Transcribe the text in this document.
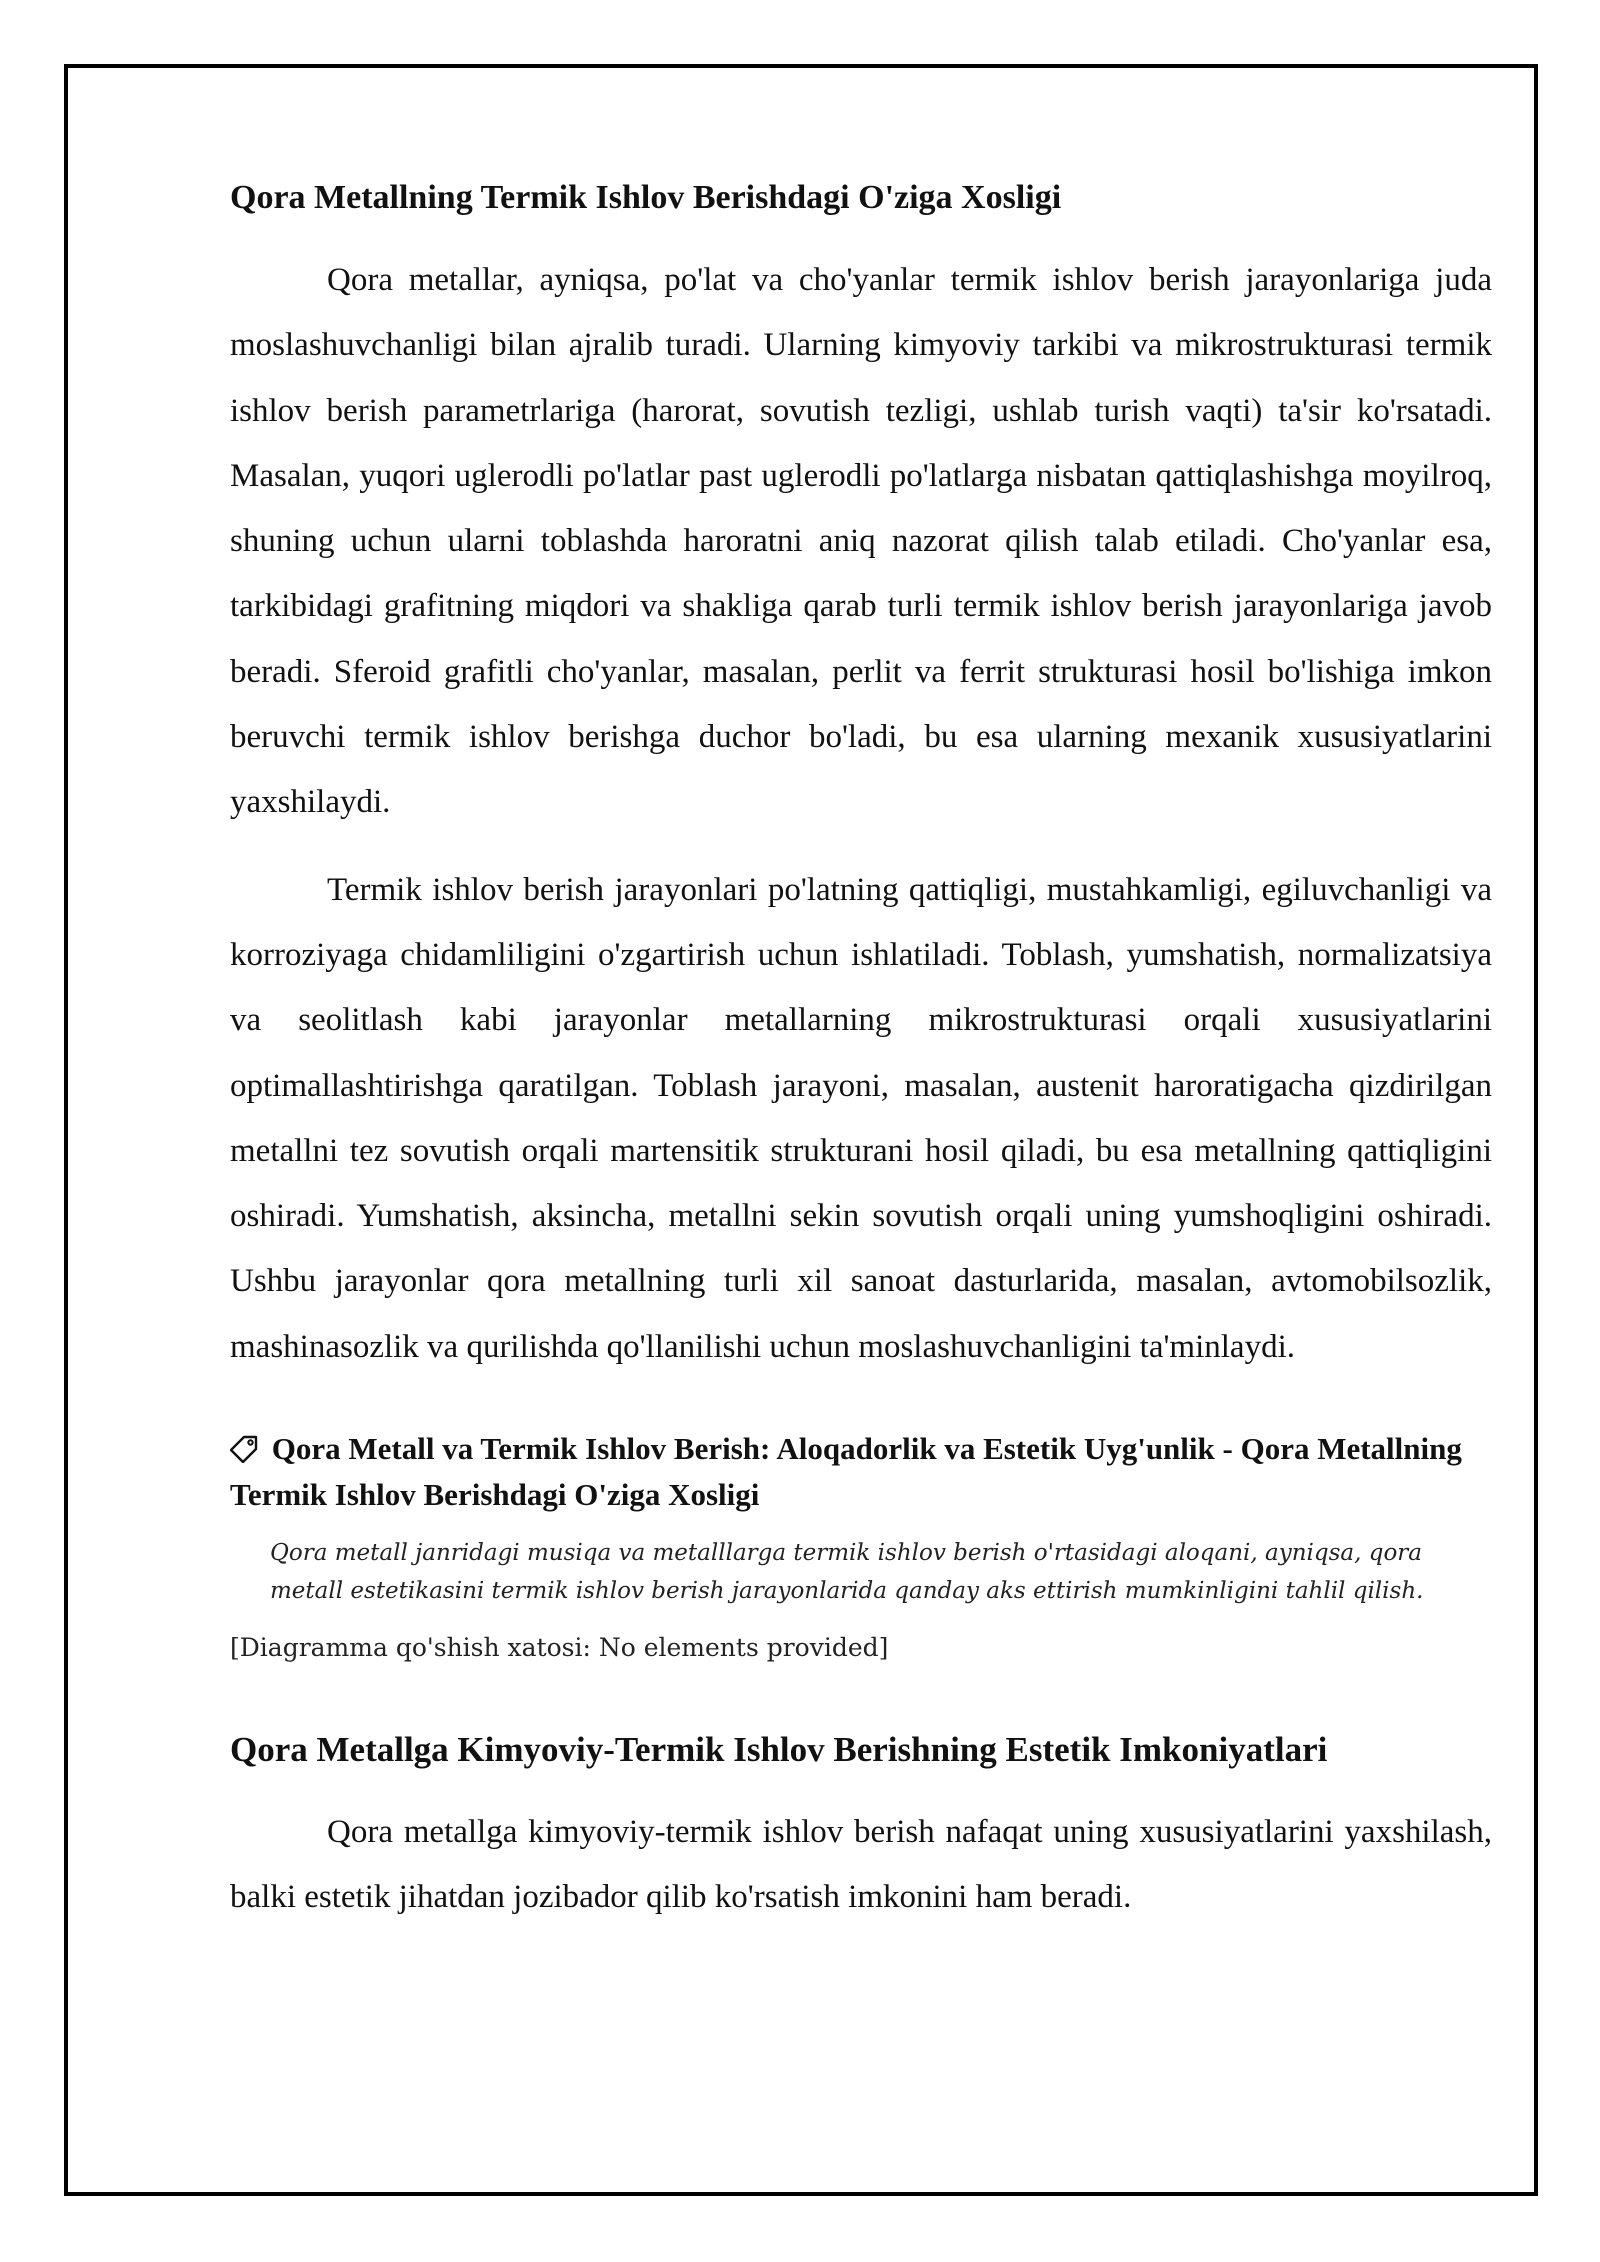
Qora Metallning Termik Ishlov Berishdagi O'ziga Xosligi

Qora metallar, ayniqsa, po'lat va cho'yanlar termik ishlov berish jarayonlariga juda moslashuvchanligi bilan ajralib turadi. Ularning kimyoviy tarkibi va mikrostrukturasi termik ishlov berish parametrlariga (harorat, sovutish tezligi, ushlab turish vaqti) ta'sir ko'rsatadi. Masalan, yuqori uglerodli po'latlar past uglerodli po'latlarga nisbatan qattiqlashishga moyilroq, shuning uchun ularni toblashda haroratni aniq nazorat qilish talab etiladi. Cho'yanlar esa, tarkibidagi grafitning miqdori va shakliga qarab turli termik ishlov berish jarayonlariga javob beradi. Sferoid grafitli cho'yanlar, masalan, perlit va ferrit strukturasi hosil bo'lishiga imkon beruvchi termik ishlov berishga duchor bo'ladi, bu esa ularning mexanik xususiyatlarini yaxshilaydi.

Termik ishlov berish jarayonlari po'latning qattiqligi, mustahkamligi, egiluvchanligi va korroziyaga chidamliligini o'zgartirish uchun ishlatiladi. Toblash, yumshatish, normalizatsiya va seolitlash kabi jarayonlar metallarning mikrostrukturasi orqali xususiyatlarini optimallashtirishga qaratilgan. Toblash jarayoni, masalan, austenit haroratigacha qizdirilgan metallni tez sovutish orqali martensitik strukturani hosil qiladi, bu esa metallning qattiqligini oshiradi. Yumshatish, aksincha, metallni sekin sovutish orqali uning yumshoqligini oshiradi. Ushbu jarayonlar qora metallning turli xil sanoat dasturlarida, masalan, avtomobilsozlik, mashinasozlik va qurilishda qo'llanilishi uchun moslashuvchanligini ta'minlaydi.

Qora Metall va Termik Ishlov Berish: Aloqadorlik va Estetik Uyg'unlik - Qora Metallning Termik Ishlov Berishdagi O'ziga Xosligi
Qora metall janridagi musiqa va metalllarga termik ishlov berish o'rtasidagi aloqani, ayniqsa, qora metall estetikasini termik ishlov berish jarayonlarida qanday aks ettirish mumkinligini tahlil qilish.
[Diagramma qo'shish xatosi: No elements provided]
Qora Metallga Kimyoviy-Termik Ishlov Berishning Estetik Imkoniyatlari

Qora metallga kimyoviy-termik ishlov berish nafaqat uning xususiyatlarini yaxshilash, balki estetik jihatdan jozibador qilib ko'rsatish imkonini ham beradi.
